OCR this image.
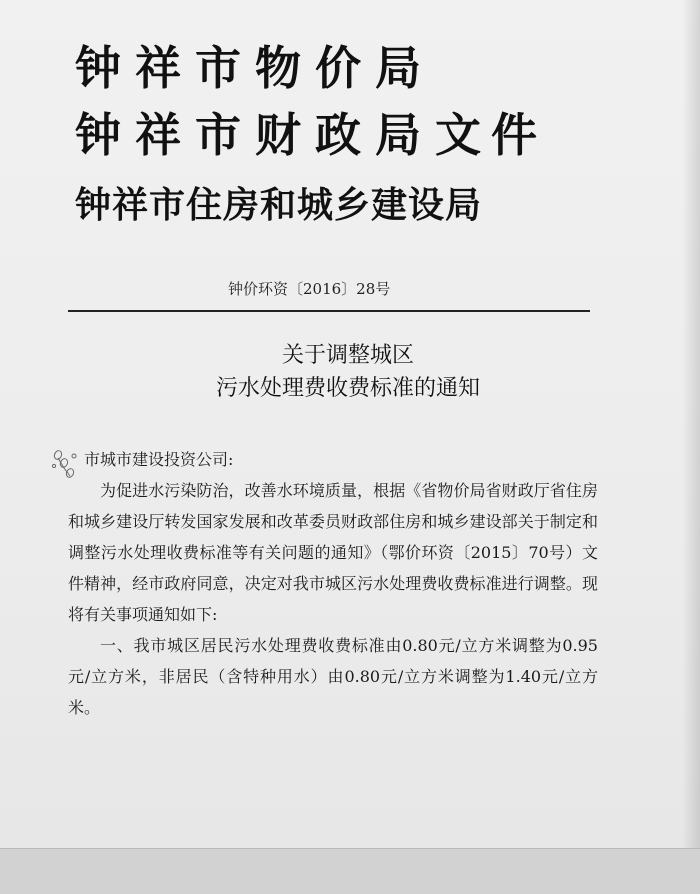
钟祥市物价局
钟祥市财政局 文件
钟祥市住房和城乡建设局
钟价环资〔2016〕28号
关于调整城区
污水处理费收费标准的通知

市城市建设投资公司:

为促进水污染防治，改善水环境质量，根据《省物价局省财政厅省住房和城乡建设厅转发国家发展和改革委员财政部住房和城乡建设部关于制定和调整污水处理收费标准等有关问题的通知》（鄂价环资〔2015〕70号）文件精神，经市政府同意，决定对我市城区污水处理费收费标准进行调整。现将有关事项通知如下:

一、我市城区居民污水处理费收费标准由0.80元/立方米调整为0.95元/立方米，非居民（含特种用水）由0.80元/立方米调整为1.40元/立方米。
